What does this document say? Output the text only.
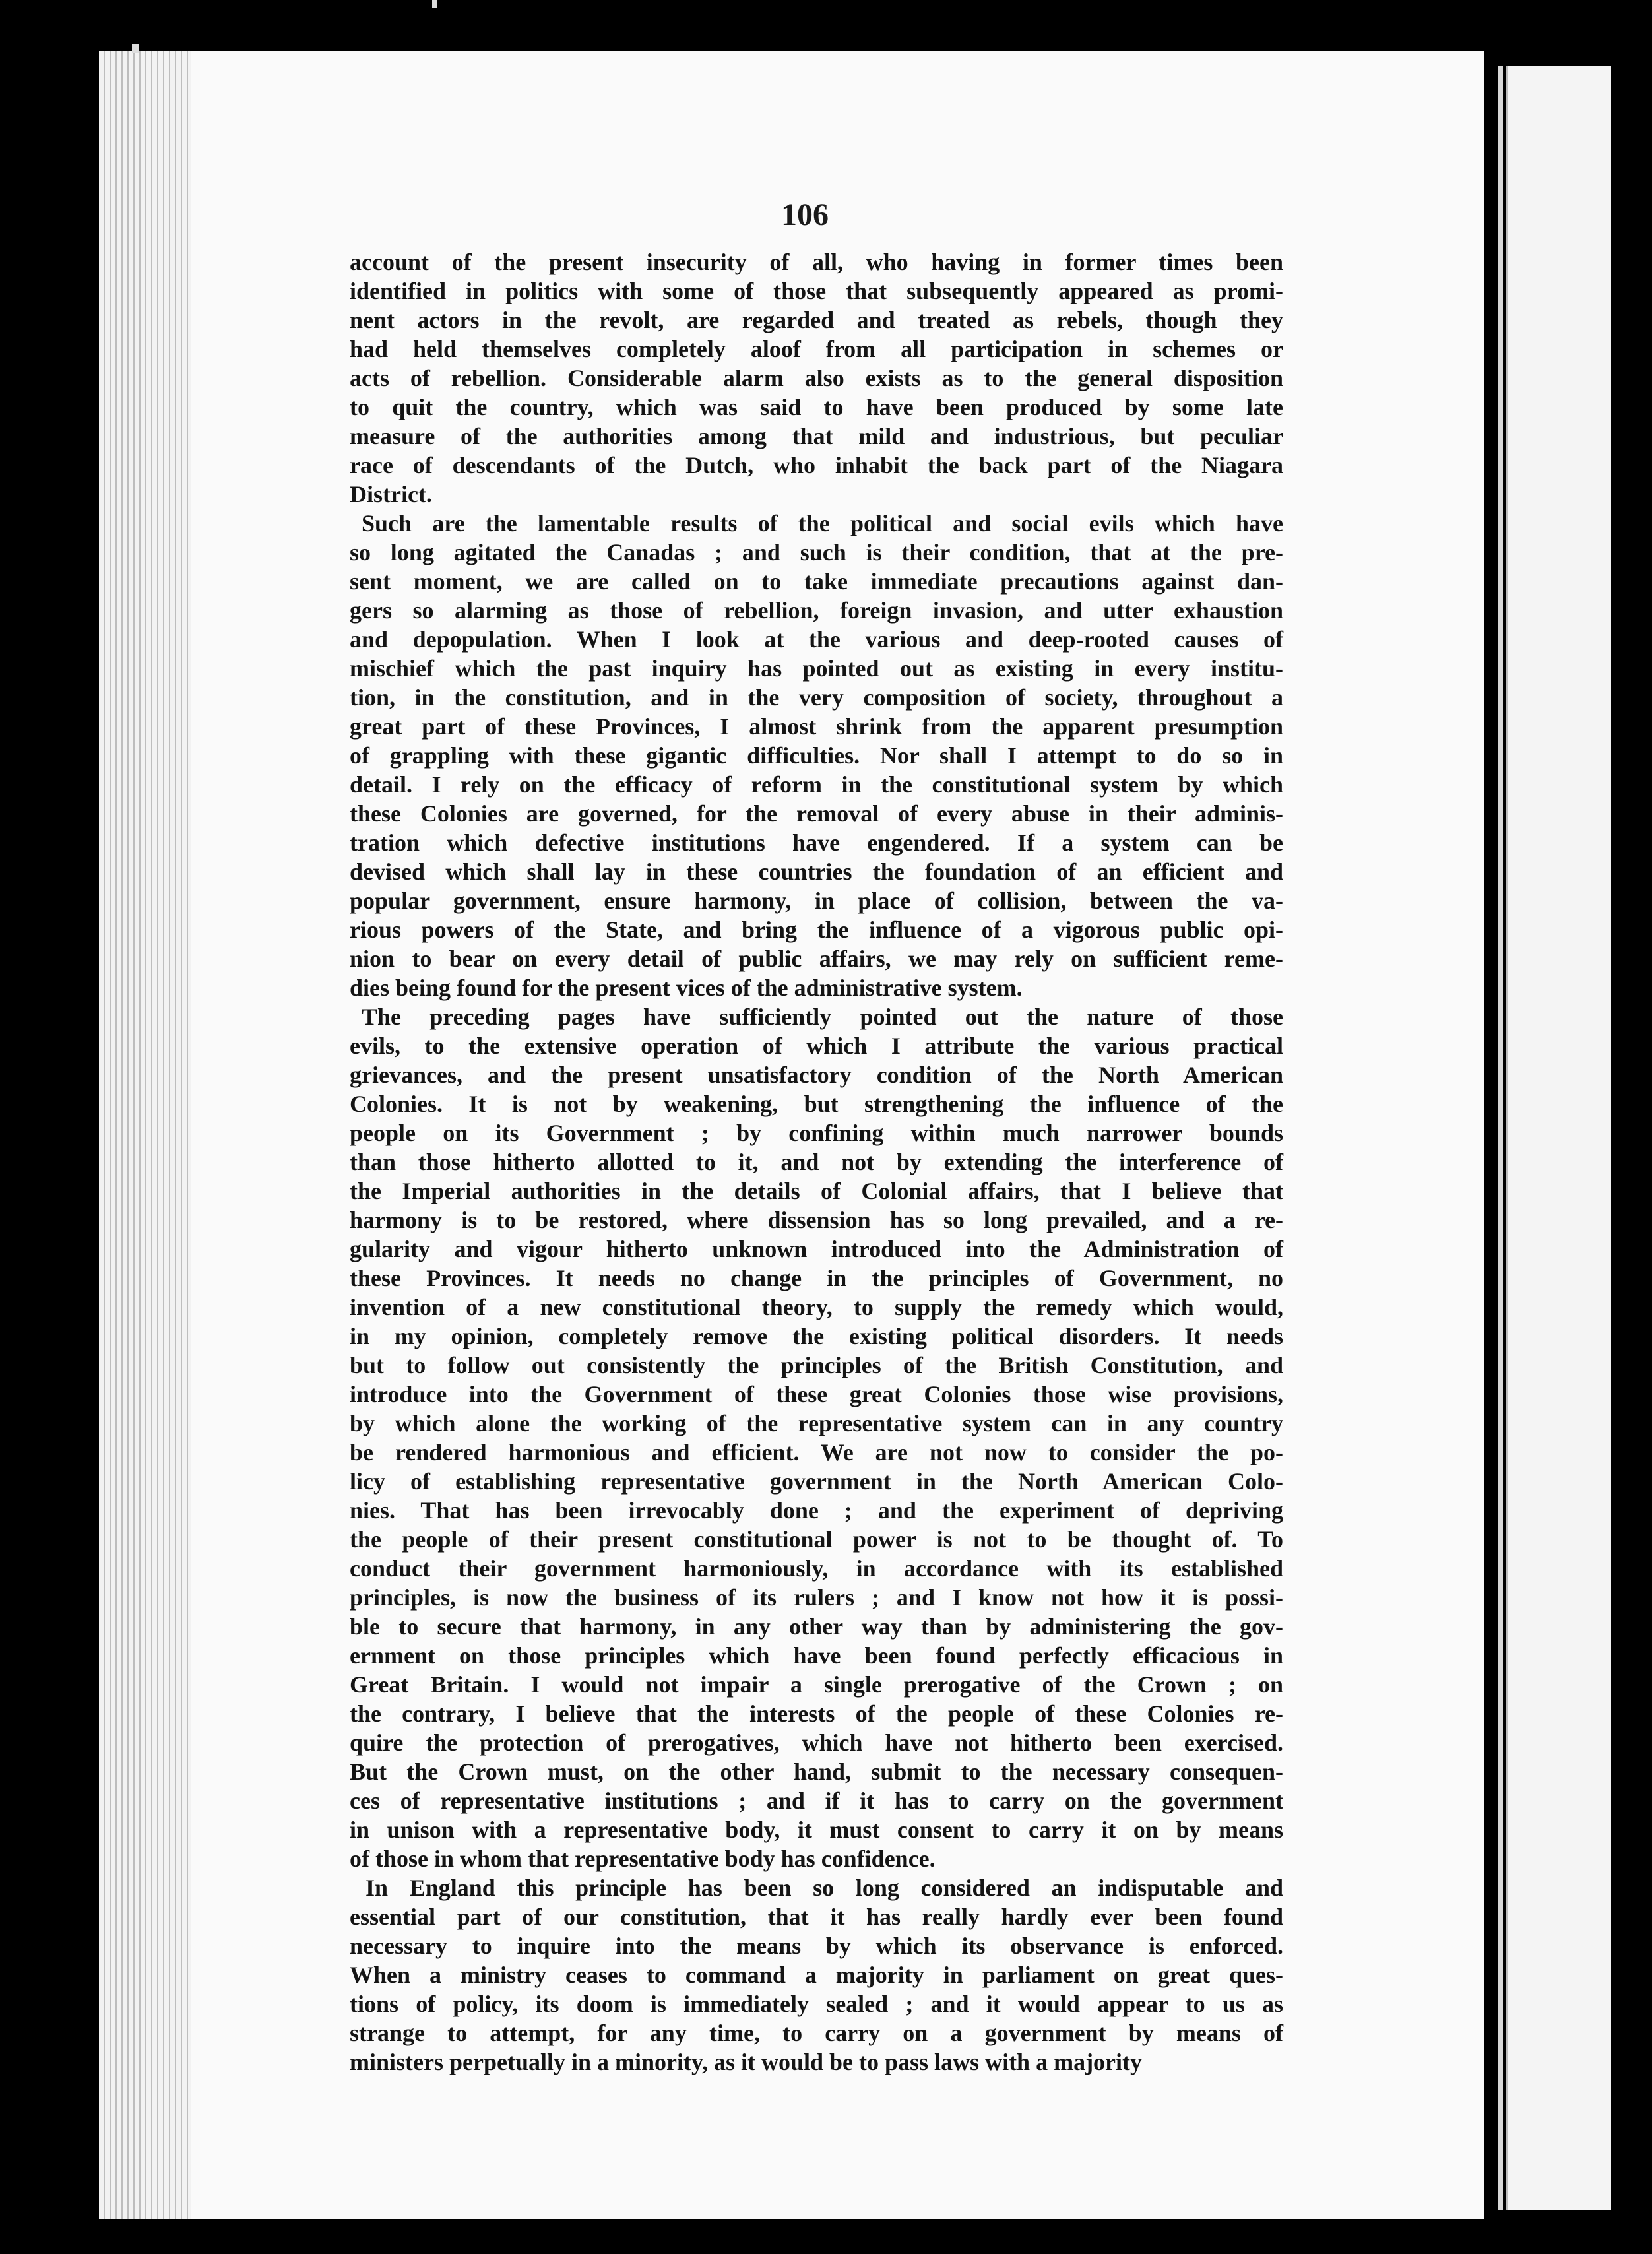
106
account of the present insecurity of all, who having in former times been
identified in politics with some of those that subsequently appeared as promi-
nent actors in the revolt, are regarded and treated as rebels, though they
had held themselves completely aloof from all participation in schemes or
acts of rebellion. Considerable alarm also exists as to the general disposition
to quit the country, which was said to have been produced by some late
measure of the authorities among that mild and industrious, but peculiar
race of descendants of the Dutch, who inhabit the back part of the Niagara
District.
Such are the lamentable results of the political and social evils which have
so long agitated the Canadas ; and such is their condition, that at the pre-
sent moment, we are called on to take immediate precautions against dan-
gers so alarming as those of rebellion, foreign invasion, and utter exhaustion
and depopulation. When I look at the various and deep-rooted causes of
mischief which the past inquiry has pointed out as existing in every institu-
tion, in the constitution, and in the very composition of society, throughout a
great part of these Provinces, I almost shrink from the apparent presumption
of grappling with these gigantic difficulties. Nor shall I attempt to do so in
detail. I rely on the efficacy of reform in the constitutional system by which
these Colonies are governed, for the removal of every abuse in their adminis-
tration which defective institutions have engendered. If a system can be
devised which shall lay in these countries the foundation of an efficient and
popular government, ensure harmony, in place of collision, between the va-
rious powers of the State, and bring the influence of a vigorous public opi-
nion to bear on every detail of public affairs, we may rely on sufficient reme-
dies being found for the present vices of the administrative system.
The preceding pages have sufficiently pointed out the nature of those
evils, to the extensive operation of which I attribute the various practical
grievances, and the present unsatisfactory condition of the North American
Colonies. It is not by weakening, but strengthening the influence of the
people on its Government ; by confining within much narrower bounds
than those hitherto allotted to it, and not by extending the interference of
the Imperial authorities in the details of Colonial affairs, that I believe that
harmony is to be restored, where dissension has so long prevailed, and a re-
gularity and vigour hitherto unknown introduced into the Administration of
these Provinces. It needs no change in the principles of Government, no
invention of a new constitutional theory, to supply the remedy which would,
in my opinion, completely remove the existing political disorders. It needs
but to follow out consistently the principles of the British Constitution, and
introduce into the Government of these great Colonies those wise provisions,
by which alone the working of the representative system can in any country
be rendered harmonious and efficient. We are not now to consider the po-
licy of establishing representative government in the North American Colo-
nies. That has been irrevocably done ; and the experiment of depriving
the people of their present constitutional power is not to be thought of. To
conduct their government harmoniously, in accordance with its established
principles, is now the business of its rulers ; and I know not how it is possi-
ble to secure that harmony, in any other way than by administering the gov-
ernment on those principles which have been found perfectly efficacious in
Great Britain. I would not impair a single prerogative of the Crown ; on
the contrary, I believe that the interests of the people of these Colonies re-
quire the protection of prerogatives, which have not hitherto been exercised.
But the Crown must, on the other hand, submit to the necessary consequen-
ces of representative institutions ; and if it has to carry on the government
in unison with a representative body, it must consent to carry it on by means
of those in whom that representative body has confidence.
In England this principle has been so long considered an indisputable and
essential part of our constitution, that it has really hardly ever been found
necessary to inquire into the means by which its observance is enforced.
When a ministry ceases to command a majority in parliament on great ques-
tions of policy, its doom is immediately sealed ; and it would appear to us as
strange to attempt, for any time, to carry on a government by means of
ministers perpetually in a minority, as it would be to pass laws with a majority
